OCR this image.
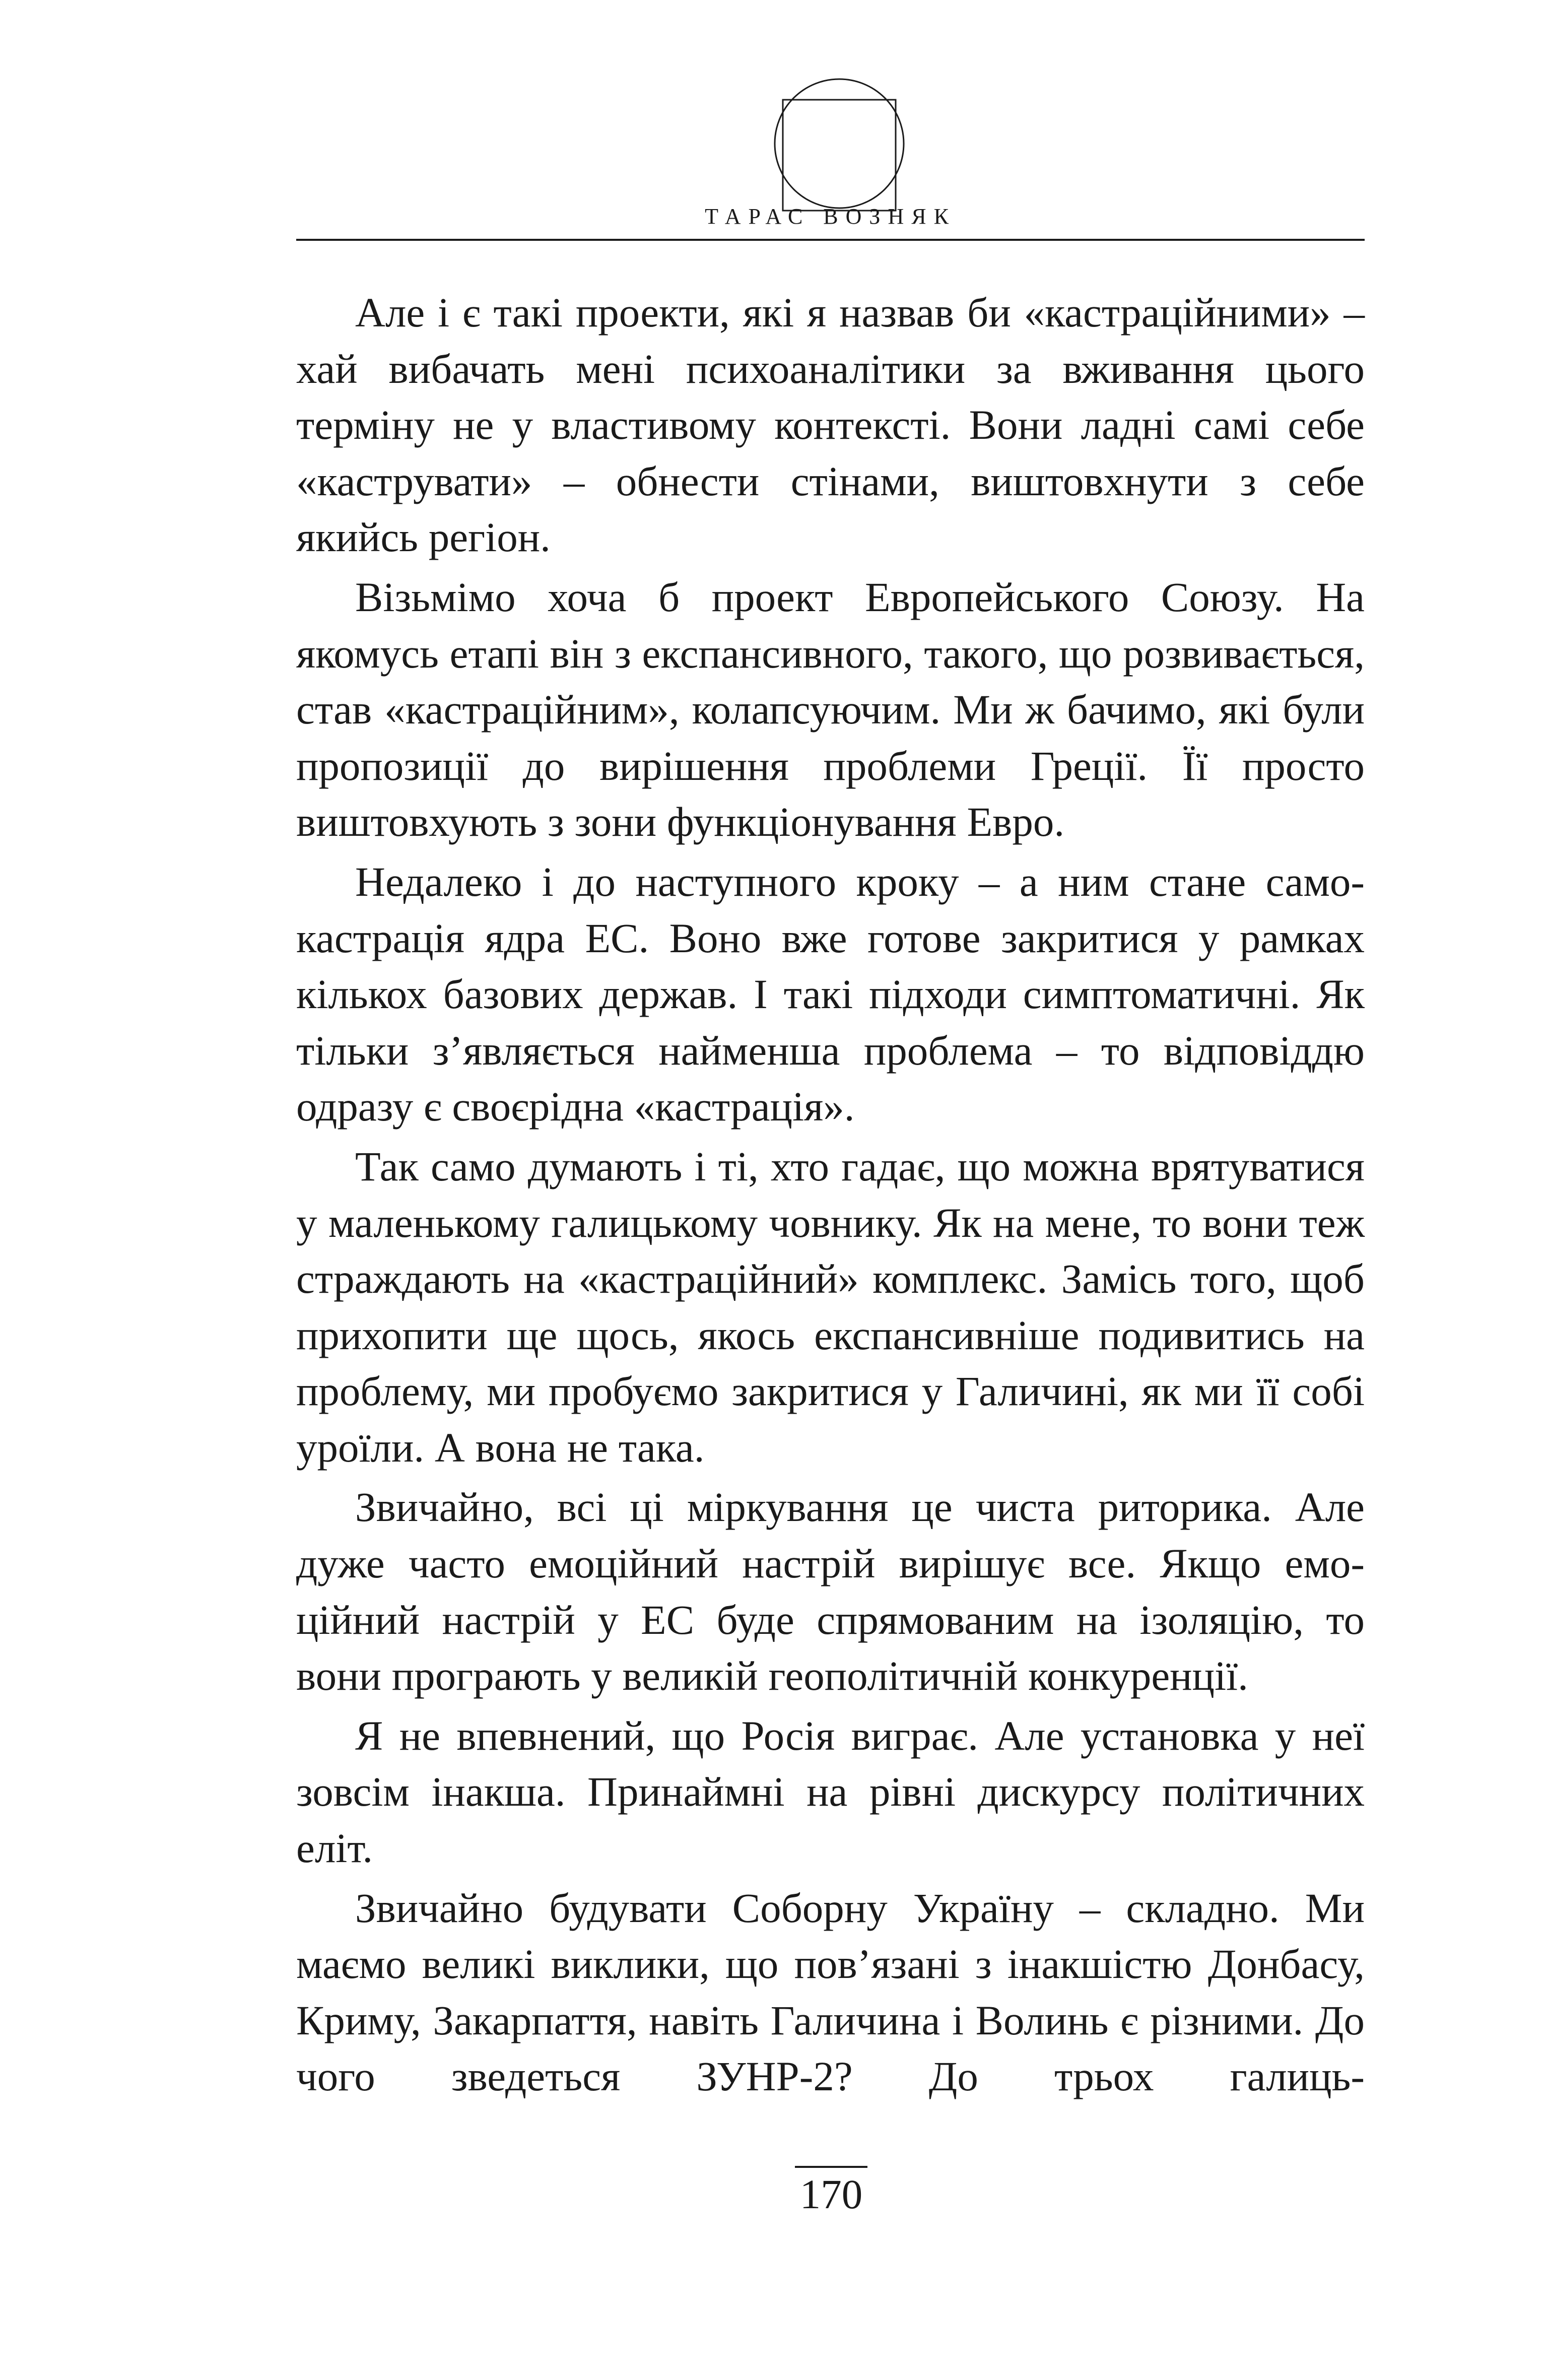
ТАРАС ВОЗНЯК

Але і є такі проекти, які я назвав би «кастраційними» – хай вибачать мені психоаналітики за вживання цього терміну не у властивому контексті. Вони ладні самі себе «каструвати» – обнести стінами, виштовхнути з себе якийсь регіон.

Візьмімо хоча б проект Европейського Союзу. На якомусь етапі він з експансивного, такого, що розвивається, став «кастраційним», колапсуючим. Ми ж бачимо, які були пропозиції до вирішення проблеми Греції. Її просто виштовхують з зони функціонування Евро.

Недалеко і до наступного кроку – а ним стане самокастрація ядра ЕС. Воно вже готове закритися у рамках кількох базових держав. І такі підходи симптоматичні. Як тільки з’являється найменша проблема – то відповіддю одразу є своєрідна «кастрація».

Так само думають і ті, хто гадає, що можна врятуватися у маленькому галицькому човнику. Як на мене, то вони теж страждають на «кастраційний» комплекс. Замісь того, щоб прихопити ще щось, якось експансивніше подивитись на проблему, ми пробуємо закритися у Галичині, як ми її собі уроїли. А вона не така.

Звичайно, всі ці міркування це чиста риторика. Але дуже часто емоційний настрій вирішує все. Якщо емоційний настрій у ЕС буде спрямованим на ізоляцію, то вони програють у великій геополітичній конкуренції.

Я не впевнений, що Росія виграє. Але установка у неї зовсім інакша. Принаймні на рівні дискурсу політичних еліт.

Звичайно будувати Соборну Україну – складно. Ми маємо великі виклики, що пов’язані з інакшістю Донбасу, Криму, Закарпаття, навіть Галичина і Волинь є різними. До чого зведеться ЗУНР-2? До трьох галиць-

170
